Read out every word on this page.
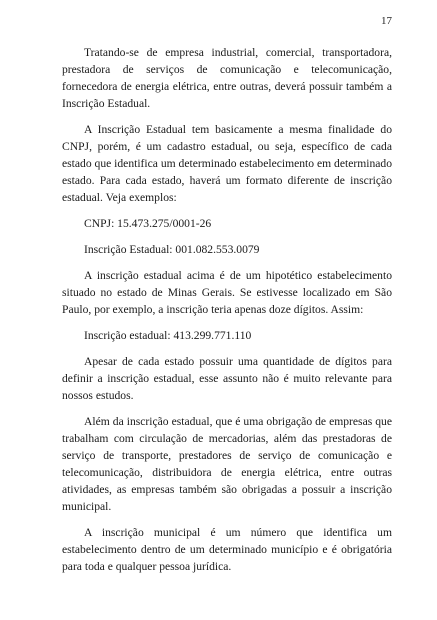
17

Tratando-se de empresa industrial, comercial, transportadora, prestadora de serviços de comunicação e telecomunicação, fornecedora de energia elétrica, entre outras, deverá possuir também a Inscrição Estadual.

A Inscrição Estadual tem basicamente a mesma finalidade do CNPJ, porém, é um cadastro estadual, ou seja, específico de cada estado que identifica um determinado estabelecimento em determinado estado. Para cada estado, haverá um formato diferente de inscrição estadual. Veja exemplos:

CNPJ: 15.473.275/0001-26

Inscrição Estadual: 001.082.553.0079

A inscrição estadual acima é de um hipotético estabelecimento situado no estado de Minas Gerais. Se estivesse localizado em São Paulo, por exemplo, a inscrição teria apenas doze dígitos. Assim:

Inscrição estadual: 413.299.771.110

Apesar de cada estado possuir uma quantidade de dígitos para definir a inscrição estadual, esse assunto não é muito relevante para nossos estudos.

Além da inscrição estadual, que é uma obrigação de empresas que trabalham com circulação de mercadorias, além das prestadoras de serviço de transporte, prestadores de serviço de comunicação e telecomunicação, distribuidora de energia elétrica, entre outras atividades, as empresas também são obrigadas a possuir a inscrição municipal.

A inscrição municipal é um número que identifica um estabelecimento dentro de um determinado município e é obrigatória para toda e qualquer pessoa jurídica.
